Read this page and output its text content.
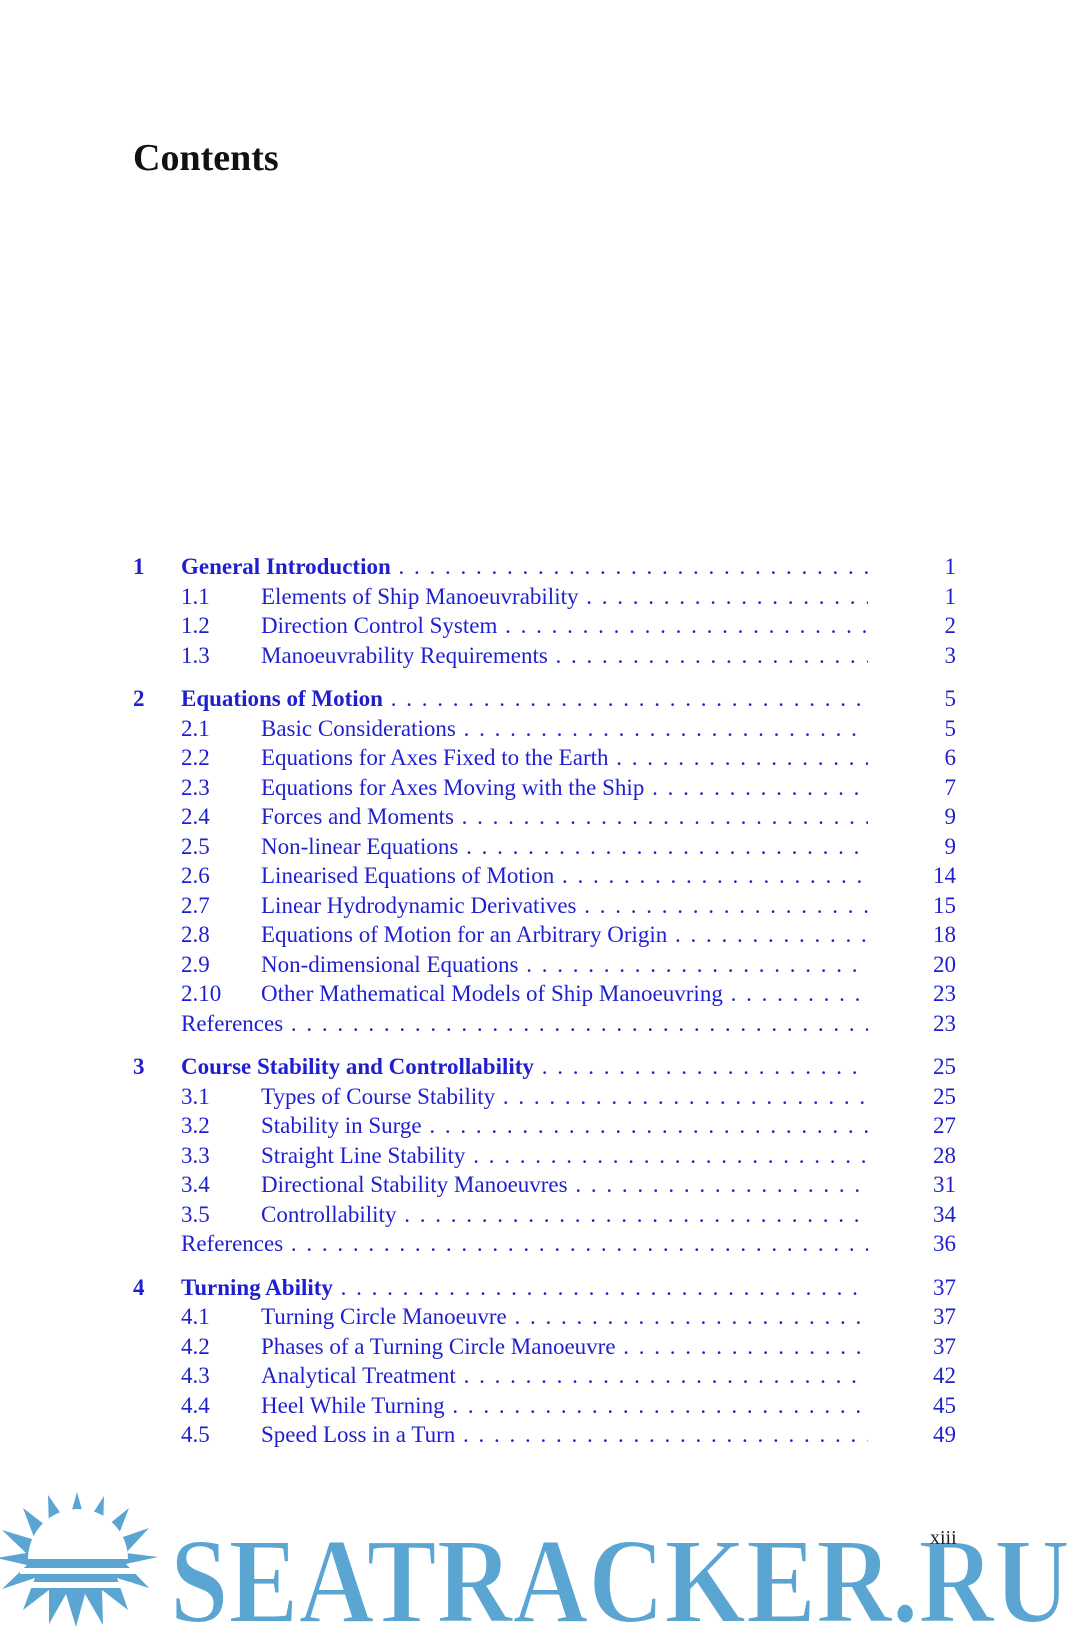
Contents
1 General Introduction . . .	1
1.1 Elements of Ship Manoeuvrability . . .	1
1.2 Direction Control System . . .	2
1.3 Manoeuvrability Requirements . . .	3
2 Equations of Motion . . .	5
2.1 Basic Considerations . . .	5
2.2 Equations for Axes Fixed to the Earth . . .	6
2.3 Equations for Axes Moving with the Ship . . .	7
2.4 Forces and Moments . . .	9
2.5 Non-linear Equations . . .	9
2.6 Linearised Equations of Motion . . .	14
2.7 Linear Hydrodynamic Derivatives . . .	15
2.8 Equations of Motion for an Arbitrary Origin . . .	18
2.9 Non-dimensional Equations . . .	20
2.10 Other Mathematical Models of Ship Manoeuvring . . .	23
References . . .	23
3 Course Stability and Controllability . . .	25
3.1 Types of Course Stability . . .	25
3.2 Stability in Surge . . .	27
3.3 Straight Line Stability . . .	28
3.4 Directional Stability Manoeuvres . . .	31
3.5 Controllability . . .	34
References . . .	36
4 Turning Ability . . .	37
4.1 Turning Circle Manoeuvre . . .	37
4.2 Phases of a Turning Circle Manoeuvre . . .	37
4.3 Analytical Treatment . . .	42
4.4 Heel While Turning . . .	45
4.5 Speed Loss in a Turn . . .	49
xiii
SEATRACKER.RU
